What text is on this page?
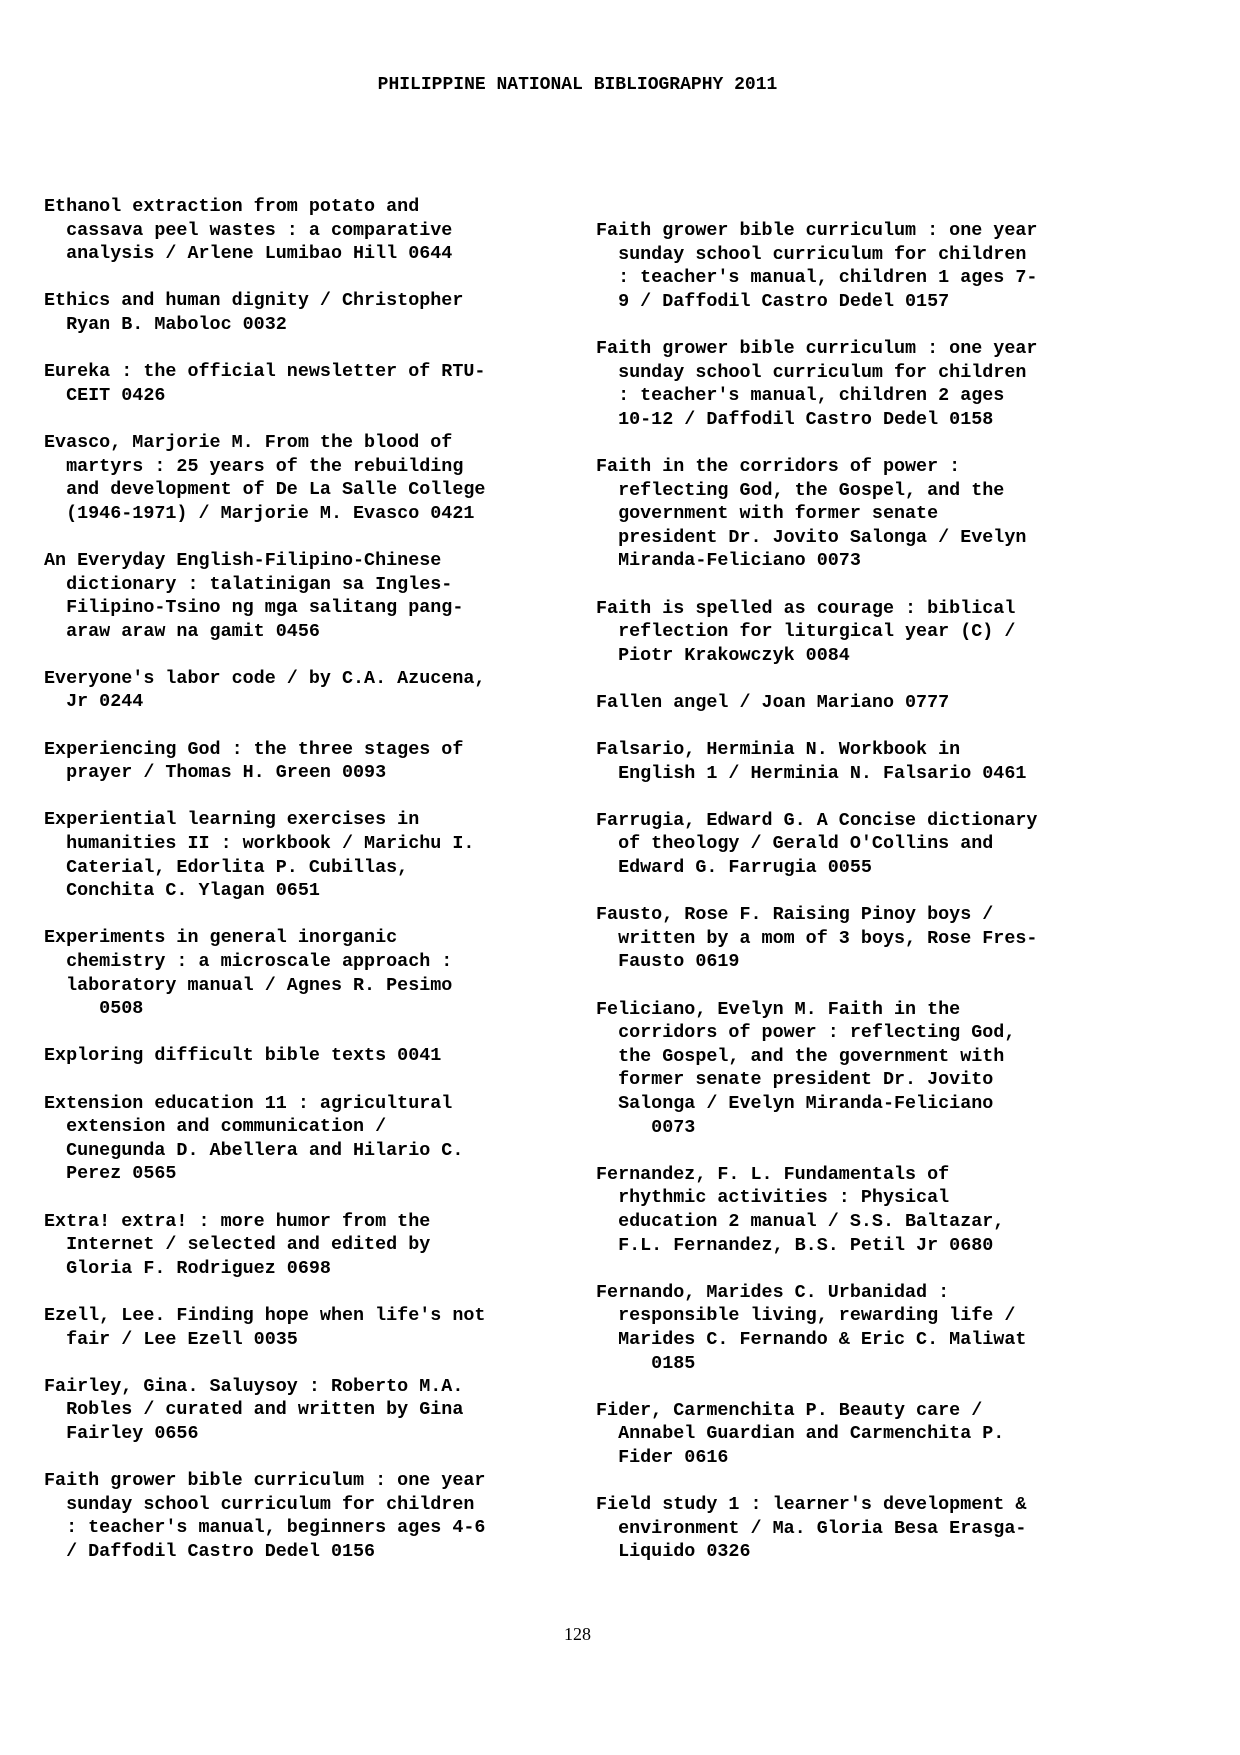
PHILIPPINE NATIONAL BIBLIOGRAPHY 2011

Ethanol extraction from potato and
cassava peel wastes : a comparative
analysis / Arlene Lumibao Hill 0644

Ethics and human dignity / Christopher
Ryan B. Maboloc 0032

Eureka : the official newsletter of RTU-
CEIT 0426

Evasco, Marjorie M. From the blood of
martyrs : 25 years of the rebuilding
and development of De La Salle College
(1946-1971) / Marjorie M. Evasco 0421

An Everyday English-Filipino-Chinese
dictionary : talatinigan sa Ingles-
Filipino-Tsino ng mga salitang pang-
araw araw na gamit 0456

Everyone's labor code / by C.A. Azucena,
Jr 0244

Experiencing God : the three stages of
prayer / Thomas H. Green 0093

Experiential learning exercises in
humanities II : workbook / Marichu I.
Caterial, Edorlita P. Cubillas,
Conchita C. Ylagan 0651

Experiments in general inorganic
chemistry : a microscale approach :
laboratory manual / Agnes R. Pesimo
0508

Exploring difficult bible texts 0041

Extension education 11 : agricultural
extension and communication /
Cunegunda D. Abellera and Hilario C.
Perez 0565

Extra! extra! : more humor from the
Internet / selected and edited by
Gloria F. Rodriguez 0698

Ezell, Lee. Finding hope when life's not
fair / Lee Ezell 0035

Fairley, Gina. Saluysoy : Roberto M.A.
Robles / curated and written by Gina
Fairley 0656

Faith grower bible curriculum : one year
sunday school curriculum for children
: teacher's manual, beginners ages 4-6
/ Daffodil Castro Dedel 0156

Faith grower bible curriculum : one year
sunday school curriculum for children
: teacher's manual, children 1 ages 7-
9 / Daffodil Castro Dedel 0157

Faith grower bible curriculum : one year
sunday school curriculum for children
: teacher's manual, children 2 ages
10-12 / Daffodil Castro Dedel 0158

Faith in the corridors of power :
reflecting God, the Gospel, and the
government with former senate
president Dr. Jovito Salonga / Evelyn
Miranda-Feliciano 0073

Faith is spelled as courage : biblical
reflection for liturgical year (C) /
Piotr Krakowczyk 0084

Fallen angel / Joan Mariano 0777

Falsario, Herminia N. Workbook in
English 1 / Herminia N. Falsario 0461

Farrugia, Edward G. A Concise dictionary
of theology / Gerald O'Collins and
Edward G. Farrugia 0055

Fausto, Rose F. Raising Pinoy boys /
written by a mom of 3 boys, Rose Fres-
Fausto 0619

Feliciano, Evelyn M. Faith in the
corridors of power : reflecting God,
the Gospel, and the government with
former senate president Dr. Jovito
Salonga / Evelyn Miranda-Feliciano
0073

Fernandez, F. L. Fundamentals of
rhythmic activities : Physical
education 2 manual / S.S. Baltazar,
F.L. Fernandez, B.S. Petil Jr 0680

Fernando, Marides C. Urbanidad :
responsible living, rewarding life /
Marides C. Fernando & Eric C. Maliwat
0185

Fider, Carmenchita P. Beauty care /
Annabel Guardian and Carmenchita P.
Fider 0616

Field study 1 : learner's development &
environment / Ma. Gloria Besa Erasga-
Liquido 0326

128
